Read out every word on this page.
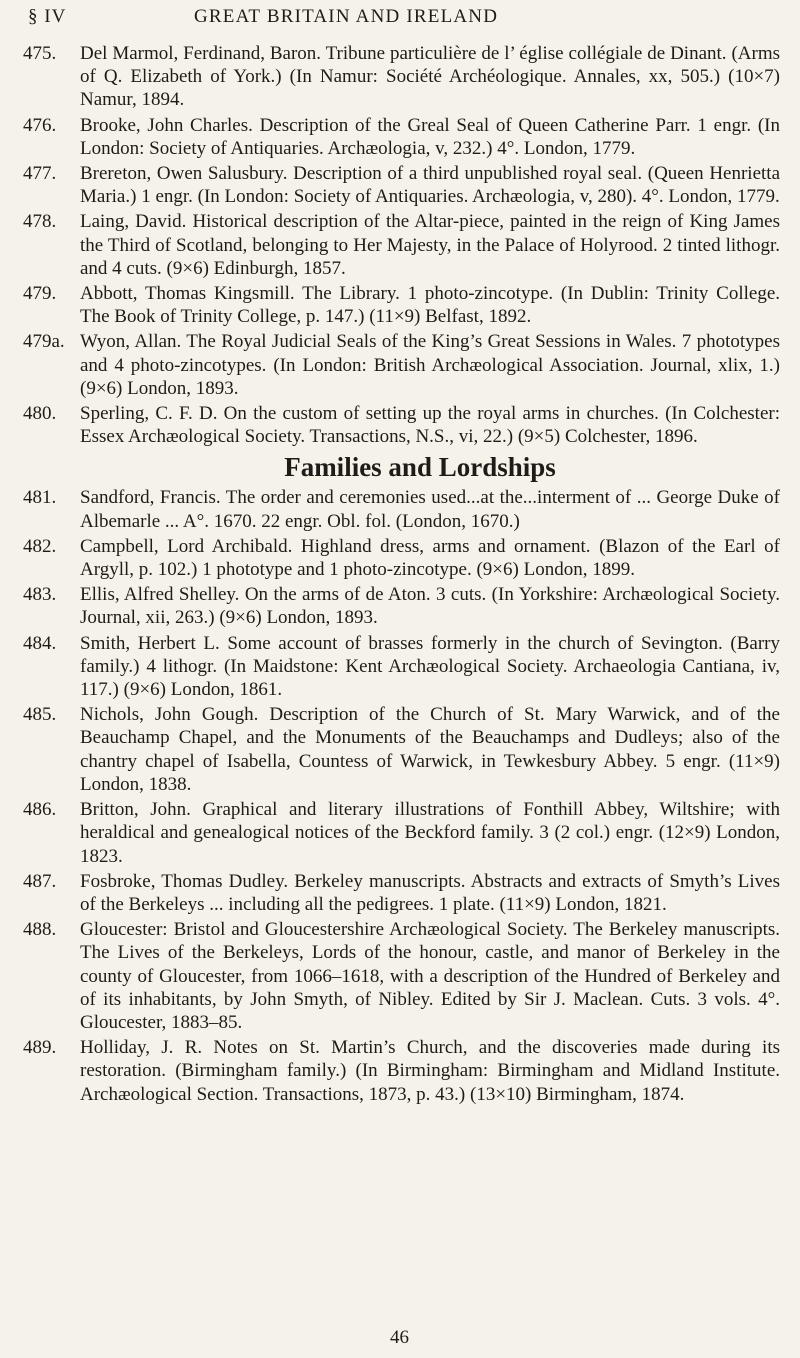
§ IV	GREAT BRITAIN AND IRELAND
475. Del Marmol, Ferdinand, Baron. Tribune particulière de l’ église collégiale de Dinant. (Arms of Q. Elizabeth of York.) (In Namur: Société Archéologique. Annales, xx, 505.) (10×7) Namur, 1894.
476. Brooke, John Charles. Description of the Greal Seal of Queen Catherine Parr. 1 engr. (In London: Society of Antiquaries. Archæologia, v, 232.) 4°. London, 1779.
477. Brereton, Owen Salusbury. Description of a third unpublished royal seal. (Queen Henrietta Maria.) 1 engr. (In London: Society of Antiquaries. Archæologia, v, 280). 4°. London, 1779.
478. Laing, David. Historical description of the Altar-piece, painted in the reign of King James the Third of Scotland, belonging to Her Majesty, in the Palace of Holyrood. 2 tinted lithogr. and 4 cuts. (9×6) Edinburgh, 1857.
479. Abbott, Thomas Kingsmill. The Library. 1 photo-zincotype. (In Dublin: Trinity College. The Book of Trinity College, p. 147.) (11×9) Belfast, 1892.
479a. Wyon, Allan. The Royal Judicial Seals of the King’s Great Sessions in Wales. 7 phototypes and 4 photo-zincotypes. (In London: British Archæological Association. Journal, xlix, 1.) (9×6) London, 1893.
480. Sperling, C. F. D. On the custom of setting up the royal arms in churches. (In Colchester: Essex Archæological Society. Transactions, N.S., vi, 22.) (9×5) Colchester, 1896.
Families and Lordships
481. Sandford, Francis. The order and ceremonies used...at the...interment of ... George Duke of Albemarle ... A°. 1670. 22 engr. Obl. fol. (London, 1670.)
482. Campbell, Lord Archibald. Highland dress, arms and ornament. (Blazon of the Earl of Argyll, p. 102.) 1 phototype and 1 photo-zincotype. (9×6) London, 1899.
483. Ellis, Alfred Shelley. On the arms of de Aton. 3 cuts. (In Yorkshire: Archæological Society. Journal, xii, 263.) (9×6) London, 1893.
484. Smith, Herbert L. Some account of brasses formerly in the church of Sevington. (Barry family.) 4 lithogr. (In Maidstone: Kent Archæological Society. Archaeologia Cantiana, iv, 117.) (9×6) London, 1861.
485. Nichols, John Gough. Description of the Church of St. Mary Warwick, and of the Beauchamp Chapel, and the Monuments of the Beauchamps and Dudleys; also of the chantry chapel of Isabella, Countess of Warwick, in Tewkesbury Abbey. 5 engr. (11×9) London, 1838.
486. Britton, John. Graphical and literary illustrations of Fonthill Abbey, Wiltshire; with heraldical and genealogical notices of the Beckford family. 3 (2 col.) engr. (12×9) London, 1823.
487. Fosbroke, Thomas Dudley. Berkeley manuscripts. Abstracts and extracts of Smyth’s Lives of the Berkeleys ... including all the pedigrees. 1 plate. (11×9) London, 1821.
488. Gloucester: Bristol and Gloucestershire Archæological Society. The Berkeley manuscripts. The Lives of the Berkeleys, Lords of the honour, castle, and manor of Berkeley in the county of Gloucester, from 1066–1618, with a description of the Hundred of Berkeley and of its inhabitants, by John Smyth, of Nibley. Edited by Sir J. Maclean. Cuts. 3 vols. 4°. Gloucester, 1883–85.
489. Holliday, J. R. Notes on St. Martin’s Church, and the discoveries made during its restoration. (Birmingham family.) (In Birmingham: Birmingham and Midland Institute. Archæological Section. Transactions, 1873, p. 43.) (13×10) Birmingham, 1874.
46
